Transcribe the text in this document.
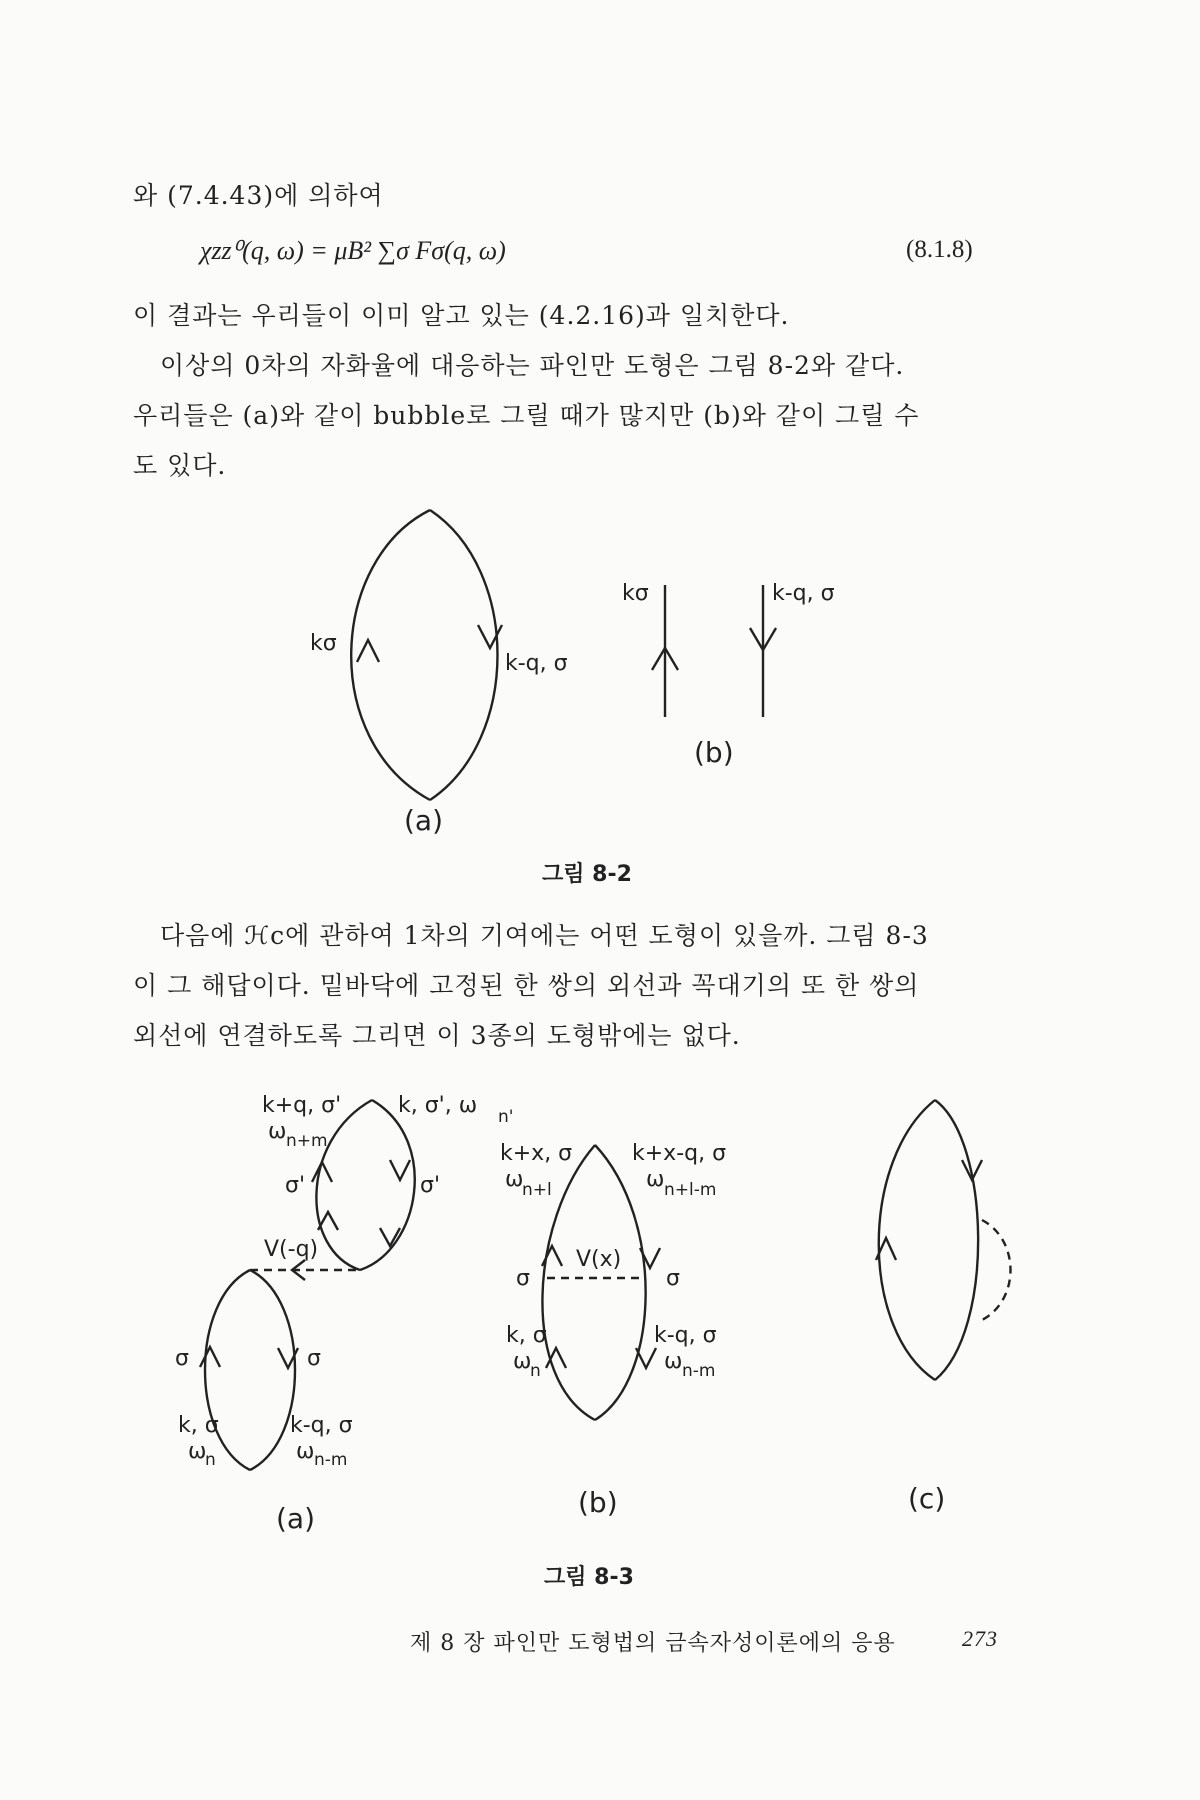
와 (7.4.43)에 의하여
χzz⁰(q, ω) = μB² ∑σ Fσ(q, ω)	(8.1.8)
이 결과는 우리들이 이미 알고 있는 (4.2.16)과 일치한다.
이상의 0차의 자화율에 대응하는 파인만 도형은 그림 8-2와 같다.
우리들은 (a)와 같이 bubble로 그릴 때가 많지만 (b)와 같이 그릴 수
도 있다.
kσ
k-q, σ
(a)
kσ	k-q, σ
(b)
그림 8-2
다음에 ℋc에 관하여 1차의 기여에는 어떤 도형이 있을까. 그림 8-3
이 그 해답이다. 밑바닥에 고정된 한 쌍의 외선과 꼭대기의 또 한 쌍의
외선에 연결하도록 그리면 이 3종의 도형밖에는 없다.
k+q, σ'
ω n+m
k, σ', ω n'
σ'	σ'
V(-q)
σ	σ
k, σ
ω
n
k-q, σ
ω n-m
(a)
k+x, σ
ω
n+l
k+x-q, σ
ω n+l-m
V(x)
σ	σ
k, σ
ω
n
k-q, σ
ω n-m
(b)	(c)
그림 8-3
제 8 장 파인만 도형법의 금속자성이론에의 응용	273
